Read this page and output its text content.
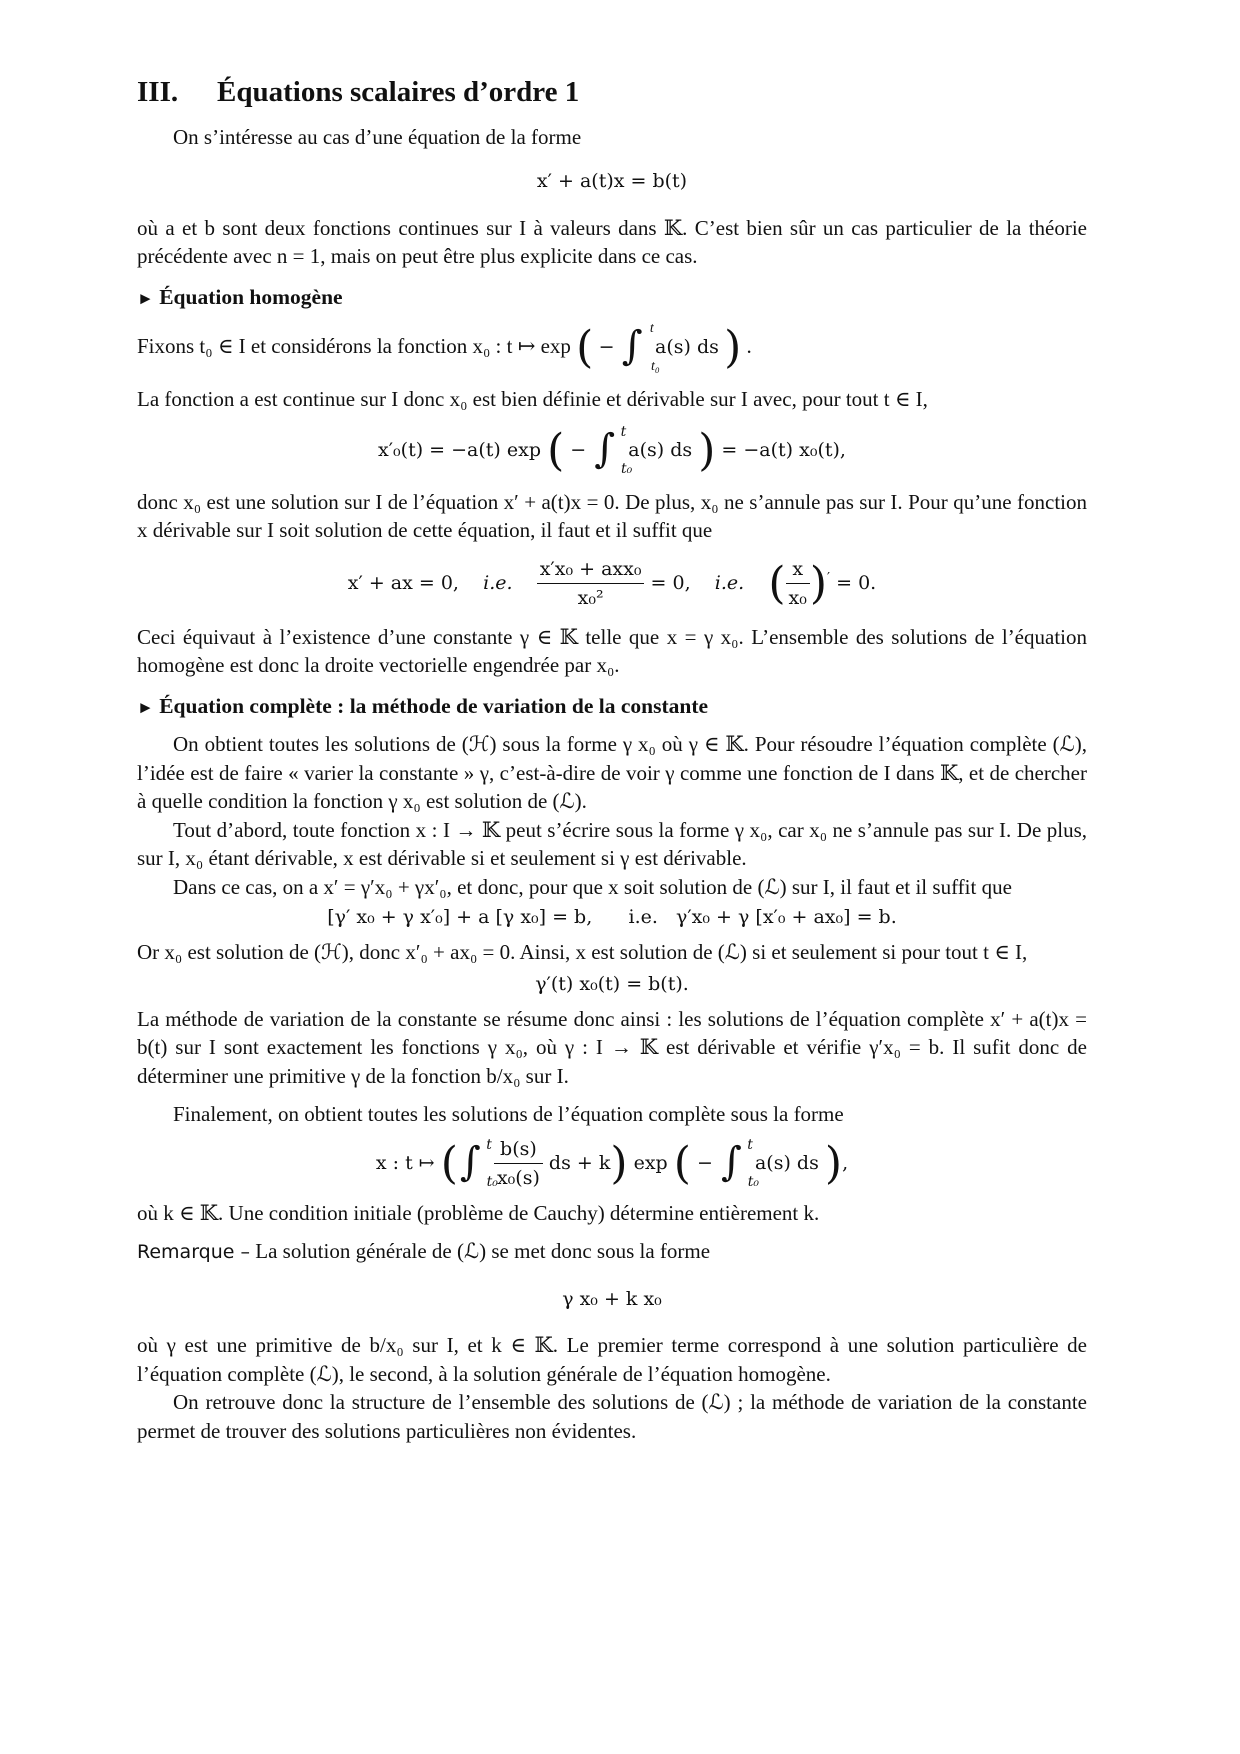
III. Équations scalaires d’ordre 1

On s’intéresse au cas d’une équation de la forme

x′ + a(t)x = b(t)

où a et b sont deux fonctions continues sur I à valeurs dans 𝕂. C’est bien sûr un cas particulier de la théorie précédente avec n = 1, mais on peut être plus explicite dans ce cas.

► Équation homogène

Fixons t₀ ∈ I et considérons la fonction x₀ : t ↦ exp ( − ∫ t
t₀
a(s) ds ) .

La fonction a est continue sur I donc x₀ est bien définie et dérivable sur I avec, pour tout t ∈ I,

x′₀(t) = −a(t) exp ( − ∫ t
t₀
a(s) ds ) = −a(t) x₀(t),

donc x₀ est une solution sur I de l’équation x′ + a(t)x = 0. De plus, x₀ ne s’annule pas sur I. Pour qu’une fonction x dérivable sur I soit solution de cette équation, il faut et il suffit que

x′ + ax = 0, i.e. $\frac{\text{x′x₀ + axx₀}}{\text{x₀²}} = 0$, i.e. ( $\frac{x}{\text{x₀}} )' = 0$.

Ceci équivaut à l’existence d’une constante γ ∈ 𝕂 telle que x = γ x₀. L’ensemble des solutions de l’équation homogène est donc la droite vectorielle engendrée par x₀.

► Équation complète : la méthode de variation de la constante

On obtient toutes les solutions de (ℋ) sous la forme γ x₀ où γ ∈ 𝕂. Pour résoudre l’équation complète (ℒ), l’idée est de faire « varier la constante » γ, c’est-à-dire de voir γ comme une fonction de I dans 𝕂, et de chercher à quelle condition la fonction γ x₀ est solution de (ℒ).

Tout d’abord, toute fonction x : I → 𝕂 peut s’écrire sous la forme γ x₀, car x₀ ne s’annule pas sur I. De plus, sur I, x₀ étant dérivable, x est dérivable si et seulement si γ est dérivable.

Dans ce cas, on a x′ = γ′x₀ + γx′₀, et donc, pour que x soit solution de (ℒ) sur I, il faut et il suffit que

[γ′ x₀ + γ x′₀] + a [γ x₀] = b,      i.e.   γ′x₀ + γ [x′₀ + ax₀] = b.

Or x₀ est solution de (ℋ), donc x′₀ + ax₀ = 0. Ainsi, x est solution de (ℒ) si et seulement si pour tout t ∈ I,

γ′(t) x₀(t) = b(t).

La méthode de variation de la constante se résume donc ainsi : les solutions de l’équation complète x′ + a(t)x = b(t) sur I sont exactement les fonctions γ x₀, où γ : I → 𝕂 est dérivable et vérifie γ′x₀ = b. Il sufit donc de déterminer une primitive γ de la fonction b/x₀ sur I.

Finalement, on obtient toutes les solutions de l’équation complète sous la forme

x : t ↦ ( ∫ t
t₀

$\frac{b(s)}{\text{x₀(s)}}$ ds + k) exp ( − ∫ t
t₀
a(s) ds ),

où k ∈ 𝕂. Une condition initiale (problème de Cauchy) détermine entièrement k.

Remarque – La solution générale de (ℒ) se met donc sous la forme

γ x₀ + k x₀

où γ est une primitive de b/x₀ sur I, et k ∈ 𝕂. Le premier terme correspond à une solution particulière de l’équation complète (ℒ), le second, à la solution générale de l’équation homogène.

On retrouve donc la structure de l’ensemble des solutions de (ℒ) ; la méthode de variation de la constante permet de trouver des solutions particulières non évidentes.
